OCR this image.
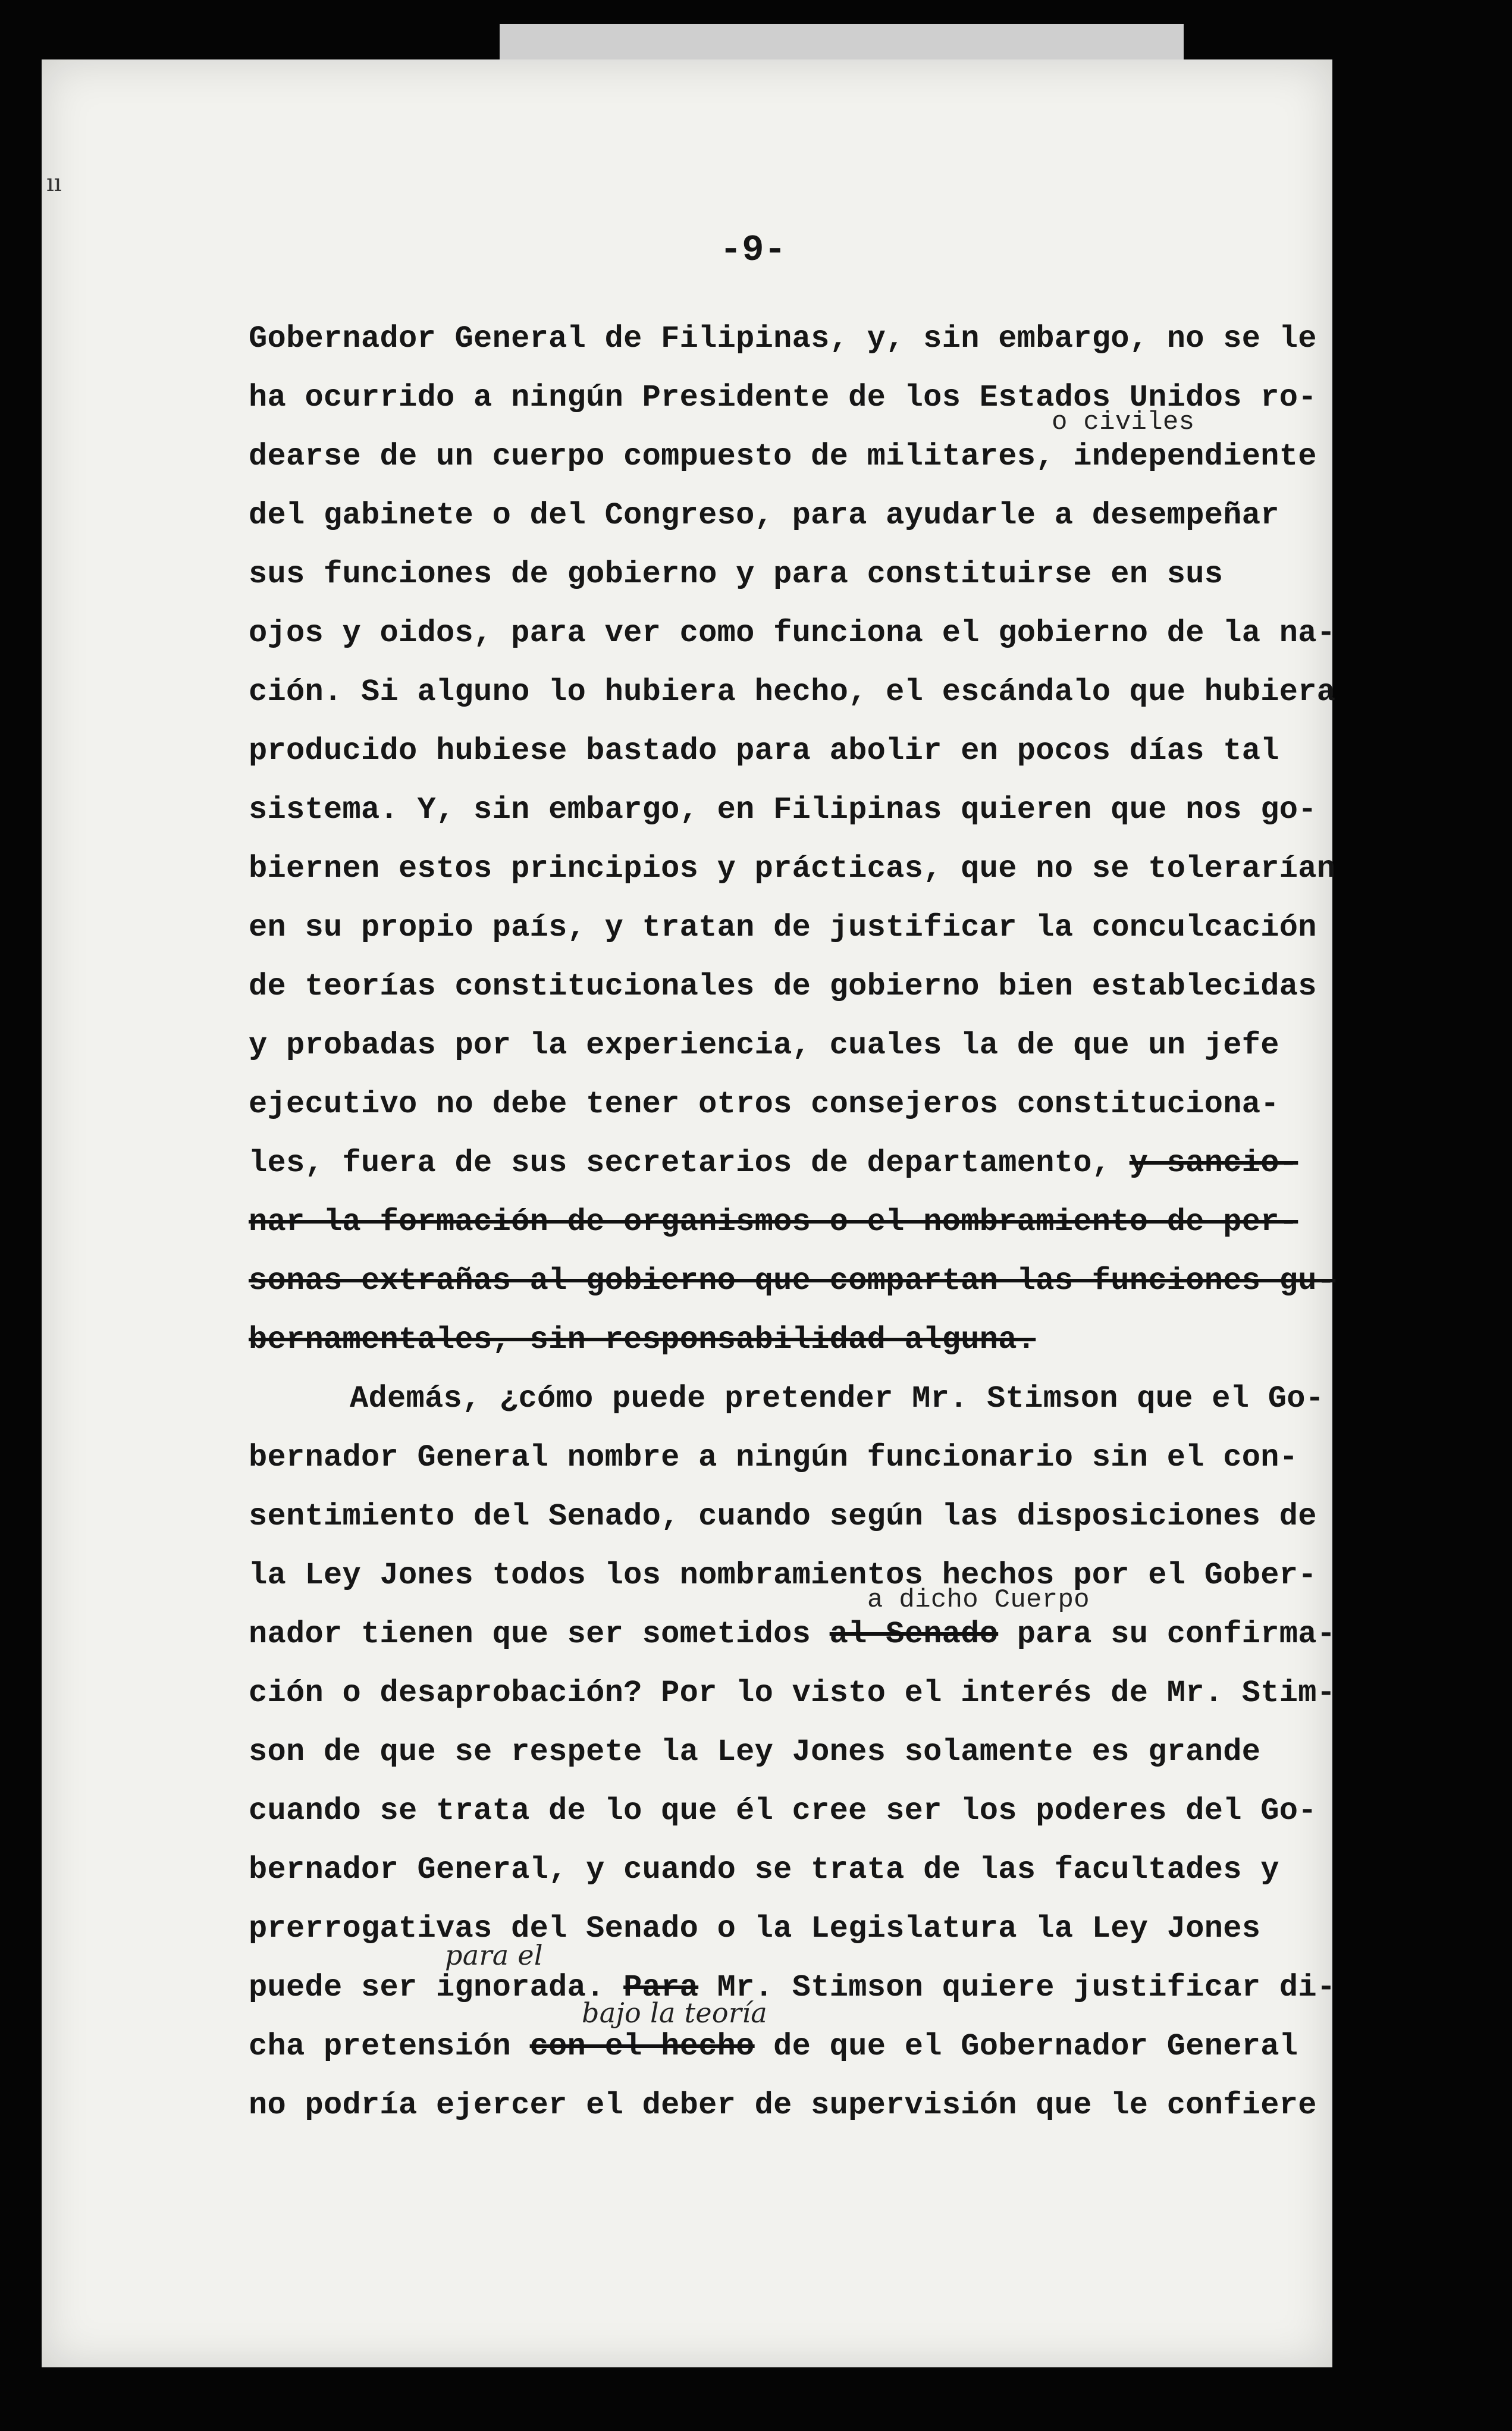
ıı
-9-
Gobernador General de Filipinas, y, sin embargo, no se le
ha ocurrido a ningún Presidente de los Estados Unidos ro-
o civiles
dearse de un cuerpo compuesto de militares, independiente
del gabinete o del Congreso, para ayudarle a desempeñar
sus funciones de gobierno y para constituirse en sus
ojos y oidos, para ver como funciona el gobierno de la na-
ción. Si alguno lo hubiera hecho, el escándalo que hubiera
producido hubiese bastado para abolir en pocos días tal
sistema. Y, sin embargo, en Filipinas quieren que nos go-
biernen estos principios y prácticas, que no se tolerarían
en su propio país, y tratan de justificar la conculcación
de teorías constitucionales de gobierno bien establecidas
y probadas por la experiencia, cuales la de que un jefe
ejecutivo no debe tener otros consejeros constituciona-
les, fuera de sus secretarios de departamento, y sancio-
nar la formación de organismos o el nombramiento de per-
sonas extrañas al gobierno que compartan las funciones gu-
bernamentales, sin responsabilidad alguna.
Además, ¿cómo puede pretender Mr. Stimson que el Go-
bernador General nombre a ningún funcionario sin el con-
sentimiento del Senado, cuando según las disposiciones de
la Ley Jones todos los nombramientos hechos por el Gober-
a dicho Cuerpo
nador tienen que ser sometidos al Senado para su confirma-
ción o desaprobación? Por lo visto el interés de Mr. Stim-
son de que se respete la Ley Jones solamente es grande
cuando se trata de lo que él cree ser los poderes del Go-
bernador General, y cuando se trata de las facultades y
prerrogativas del Senado o la Legislatura la Ley Jones
para el
puede ser ignorada. Para Mr. Stimson quiere justificar di-
bajo la teoría
cha pretensión con el hecho de que el Gobernador General
no podría ejercer el deber de supervisión que le confiere
